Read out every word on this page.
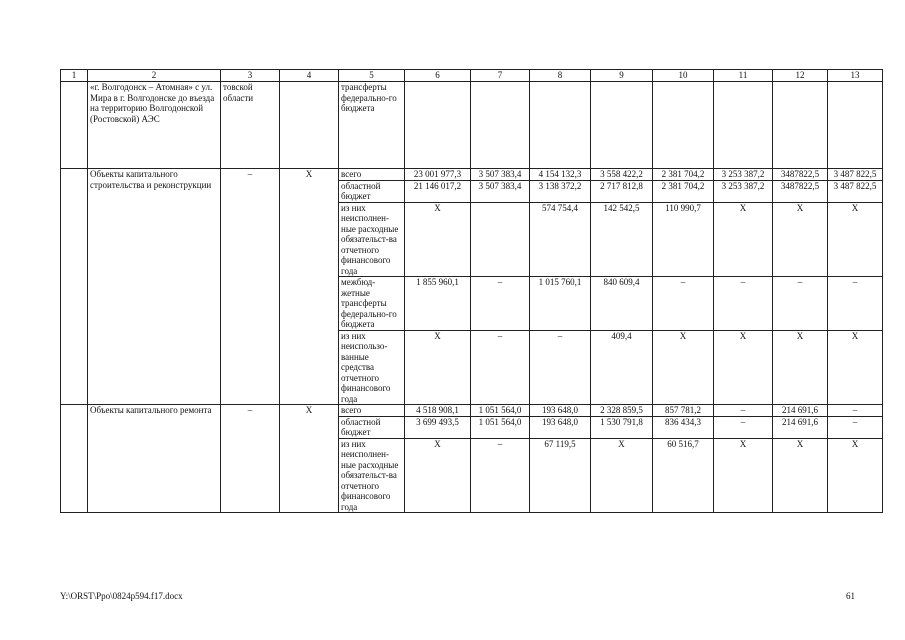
1	2	3	4	5	6	7	8	9	10	11	12	13
	«г. Волгодонск – Атомная» с ул. Мира в г. Волгодонске до въезда на территорию Волгодонской (Ростовской) АЭС	товской области		трансферты федерально-го бюджета								
	Объекты капитального строительства и реконструкции	–	Х	всего	23 001 977,3	3 507 383,4	4 154 132,3	3 558 422,2	2 381 704,2	3 253 387,2	3487822,5	3 487 822,5
				областной бюджет	21 146 017,2	3 507 383,4	3 138 372,2	2 717 812,8	2 381 704,2	3 253 387,2	3487822,5	3 487 822,5
				из них неисполнен-ные расходные обязательст-ва отчетного финансового года	Х		574 754,4	142 542,5	110 990,7	Х	Х	Х
				межбюд-жетные трансферты федерально-го бюджета	1 855 960,1	–	1 015 760,1	840 609,4	–	–	–	–
				из них неиспользо-ванные средства отчетного финансового года	Х	–	–	409,4	Х	Х	Х	Х
	Объекты капитального ремонта	–	Х	всего	4 518 908,1	1 051 564,0	193 648,0	2 328 859,5	857 781,2	–	214 691,6	–
				областной бюджет	3 699 493,5	1 051 564,0	193 648,0	1 530 791,8	836 434,3	–	214 691,6	–
				из них неисполнен-ные расходные обязательст-ва отчетного финансового года	Х	–	67 119,5	Х	60 516,7	Х	Х	Х
Y:\ORST\Ppo\0824p594.f17.docx	61
